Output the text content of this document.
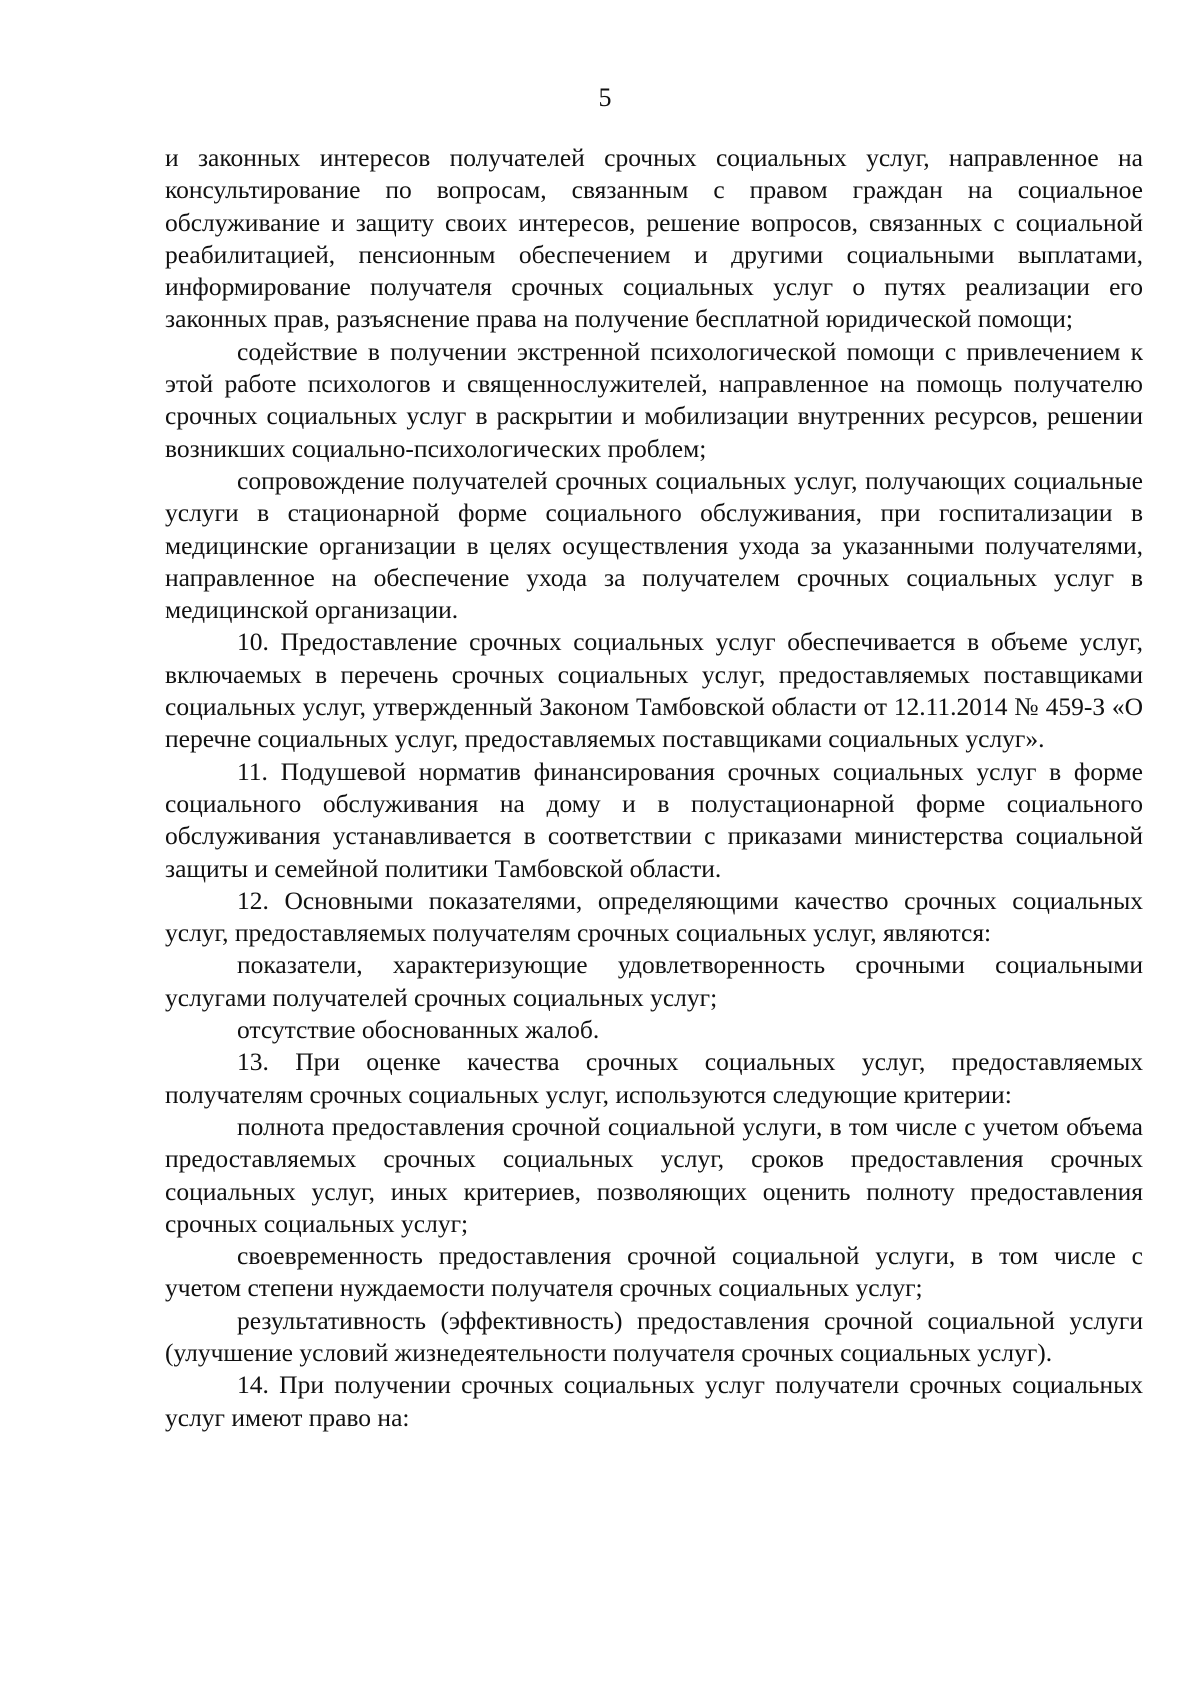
5

и законных интересов получателей срочных социальных услуг, направленное на консультирование по вопросам, связанным с правом граждан на социальное обслуживание и защиту своих интересов, решение вопросов, связанных с социальной реабилитацией, пенсионным обеспечением и другими социальными выплатами, информирование получателя срочных социальных услуг о путях реализации его законных прав, разъяснение права на получение бесплатной юридической помощи;

содействие в получении экстренной психологической помощи с привлечением к этой работе психологов и священнослужителей, направленное на помощь получателю срочных социальных услуг в раскрытии и мобилизации внутренних ресурсов, решении возникших социально-психологических проблем;

сопровождение получателей срочных социальных услуг, получающих социальные услуги в стационарной форме социального обслуживания, при госпитализации в медицинские организации в целях осуществления ухода за указанными получателями, направленное на обеспечение ухода за получателем срочных социальных услуг в медицинской организации.

10. Предоставление срочных социальных услуг обеспечивается в объеме услуг, включаемых в перечень срочных социальных услуг, предоставляемых поставщиками социальных услуг, утвержденный Законом Тамбовской области от 12.11.2014 № 459-З «О перечне социальных услуг, предоставляемых поставщиками социальных услуг».

11. Подушевой норматив финансирования срочных социальных услуг в форме социального обслуживания на дому и в полустационарной форме социального обслуживания устанавливается в соответствии с приказами министерства социальной защиты и семейной политики Тамбовской области.

12. Основными показателями, определяющими качество срочных социальных услуг, предоставляемых получателям срочных социальных услуг, являются:

показатели, характеризующие удовлетворенность срочными социальными услугами получателей срочных социальных услуг;

отсутствие обоснованных жалоб.

13. При оценке качества срочных социальных услуг, предоставляемых получателям срочных социальных услуг, используются следующие критерии:

полнота предоставления срочной социальной услуги, в том числе с учетом объема предоставляемых срочных социальных услуг, сроков предоставления срочных социальных услуг, иных критериев, позволяющих оценить полноту предоставления срочных социальных услуг;

своевременность предоставления срочной социальной услуги, в том числе с учетом степени нуждаемости получателя срочных социальных услуг;

результативность (эффективность) предоставления срочной социальной услуги (улучшение условий жизнедеятельности получателя срочных социальных услуг).

14. При получении срочных социальных услуг получатели срочных социальных услуг имеют право на:
